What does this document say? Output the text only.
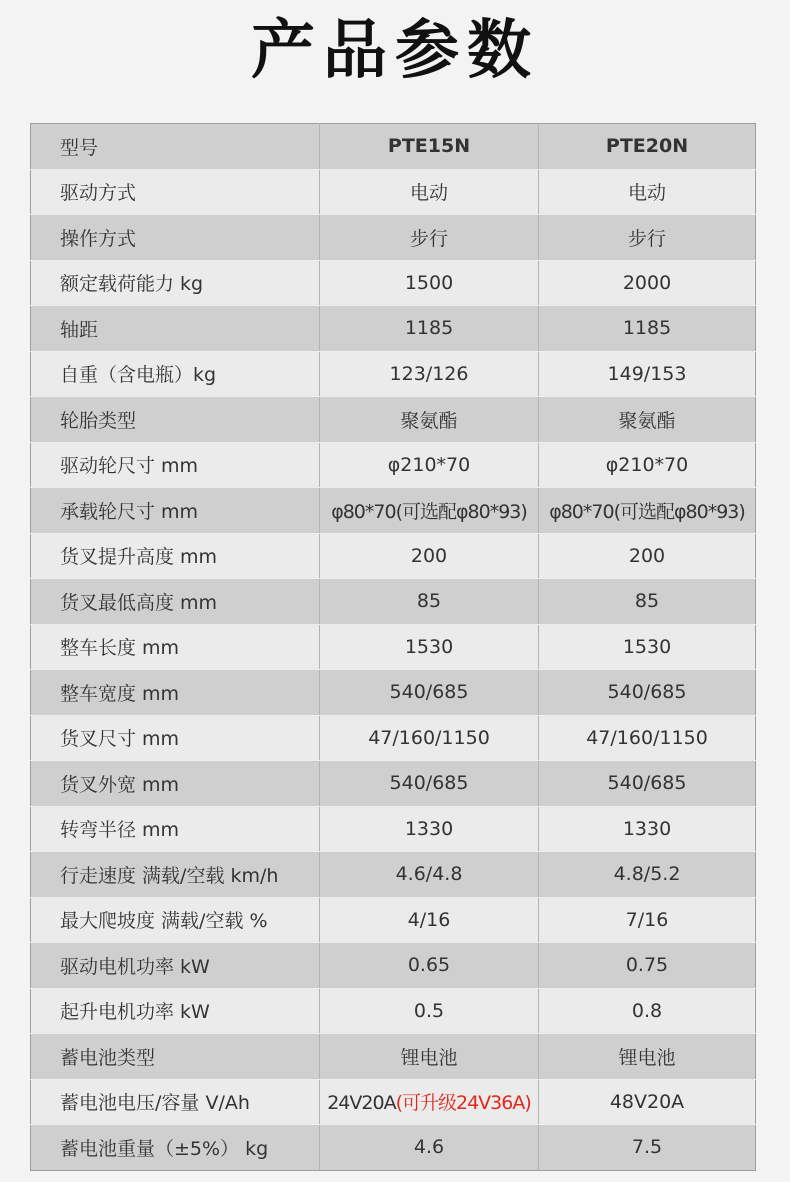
产品参数
型号	PTE15N	PTE20N
驱动方式	电动	电动
操作方式	步行	步行
额定载荷能力 kg	1500	2000
轴距	1185	1185
自重（含电瓶）kg	123/126	149/153
轮胎类型	聚氨酯	聚氨酯
驱动轮尺寸 mm	φ210*70	φ210*70
承载轮尺寸 mm	φ80*70(可选配φ80*93)	φ80*70(可选配φ80*93)
货叉提升高度 mm	200	200
货叉最低高度 mm	85	85
整车长度 mm	1530	1530
整车宽度 mm	540/685	540/685
货叉尺寸 mm	47/160/1150	47/160/1150
货叉外宽 mm	540/685	540/685
转弯半径 mm	1330	1330
行走速度 满载/空载 km/h	4.6/4.8	4.8/5.2
最大爬坡度 满载/空载 %	4/16	7/16
驱动电机功率 kW	0.65	0.75
起升电机功率 kW	0.5	0.8
蓄电池类型	锂电池	锂电池
蓄电池电压/容量 V/Ah	24V20A(可升级24V36A)	48V20A
蓄电池重量（±5%） kg	4.6	7.5
